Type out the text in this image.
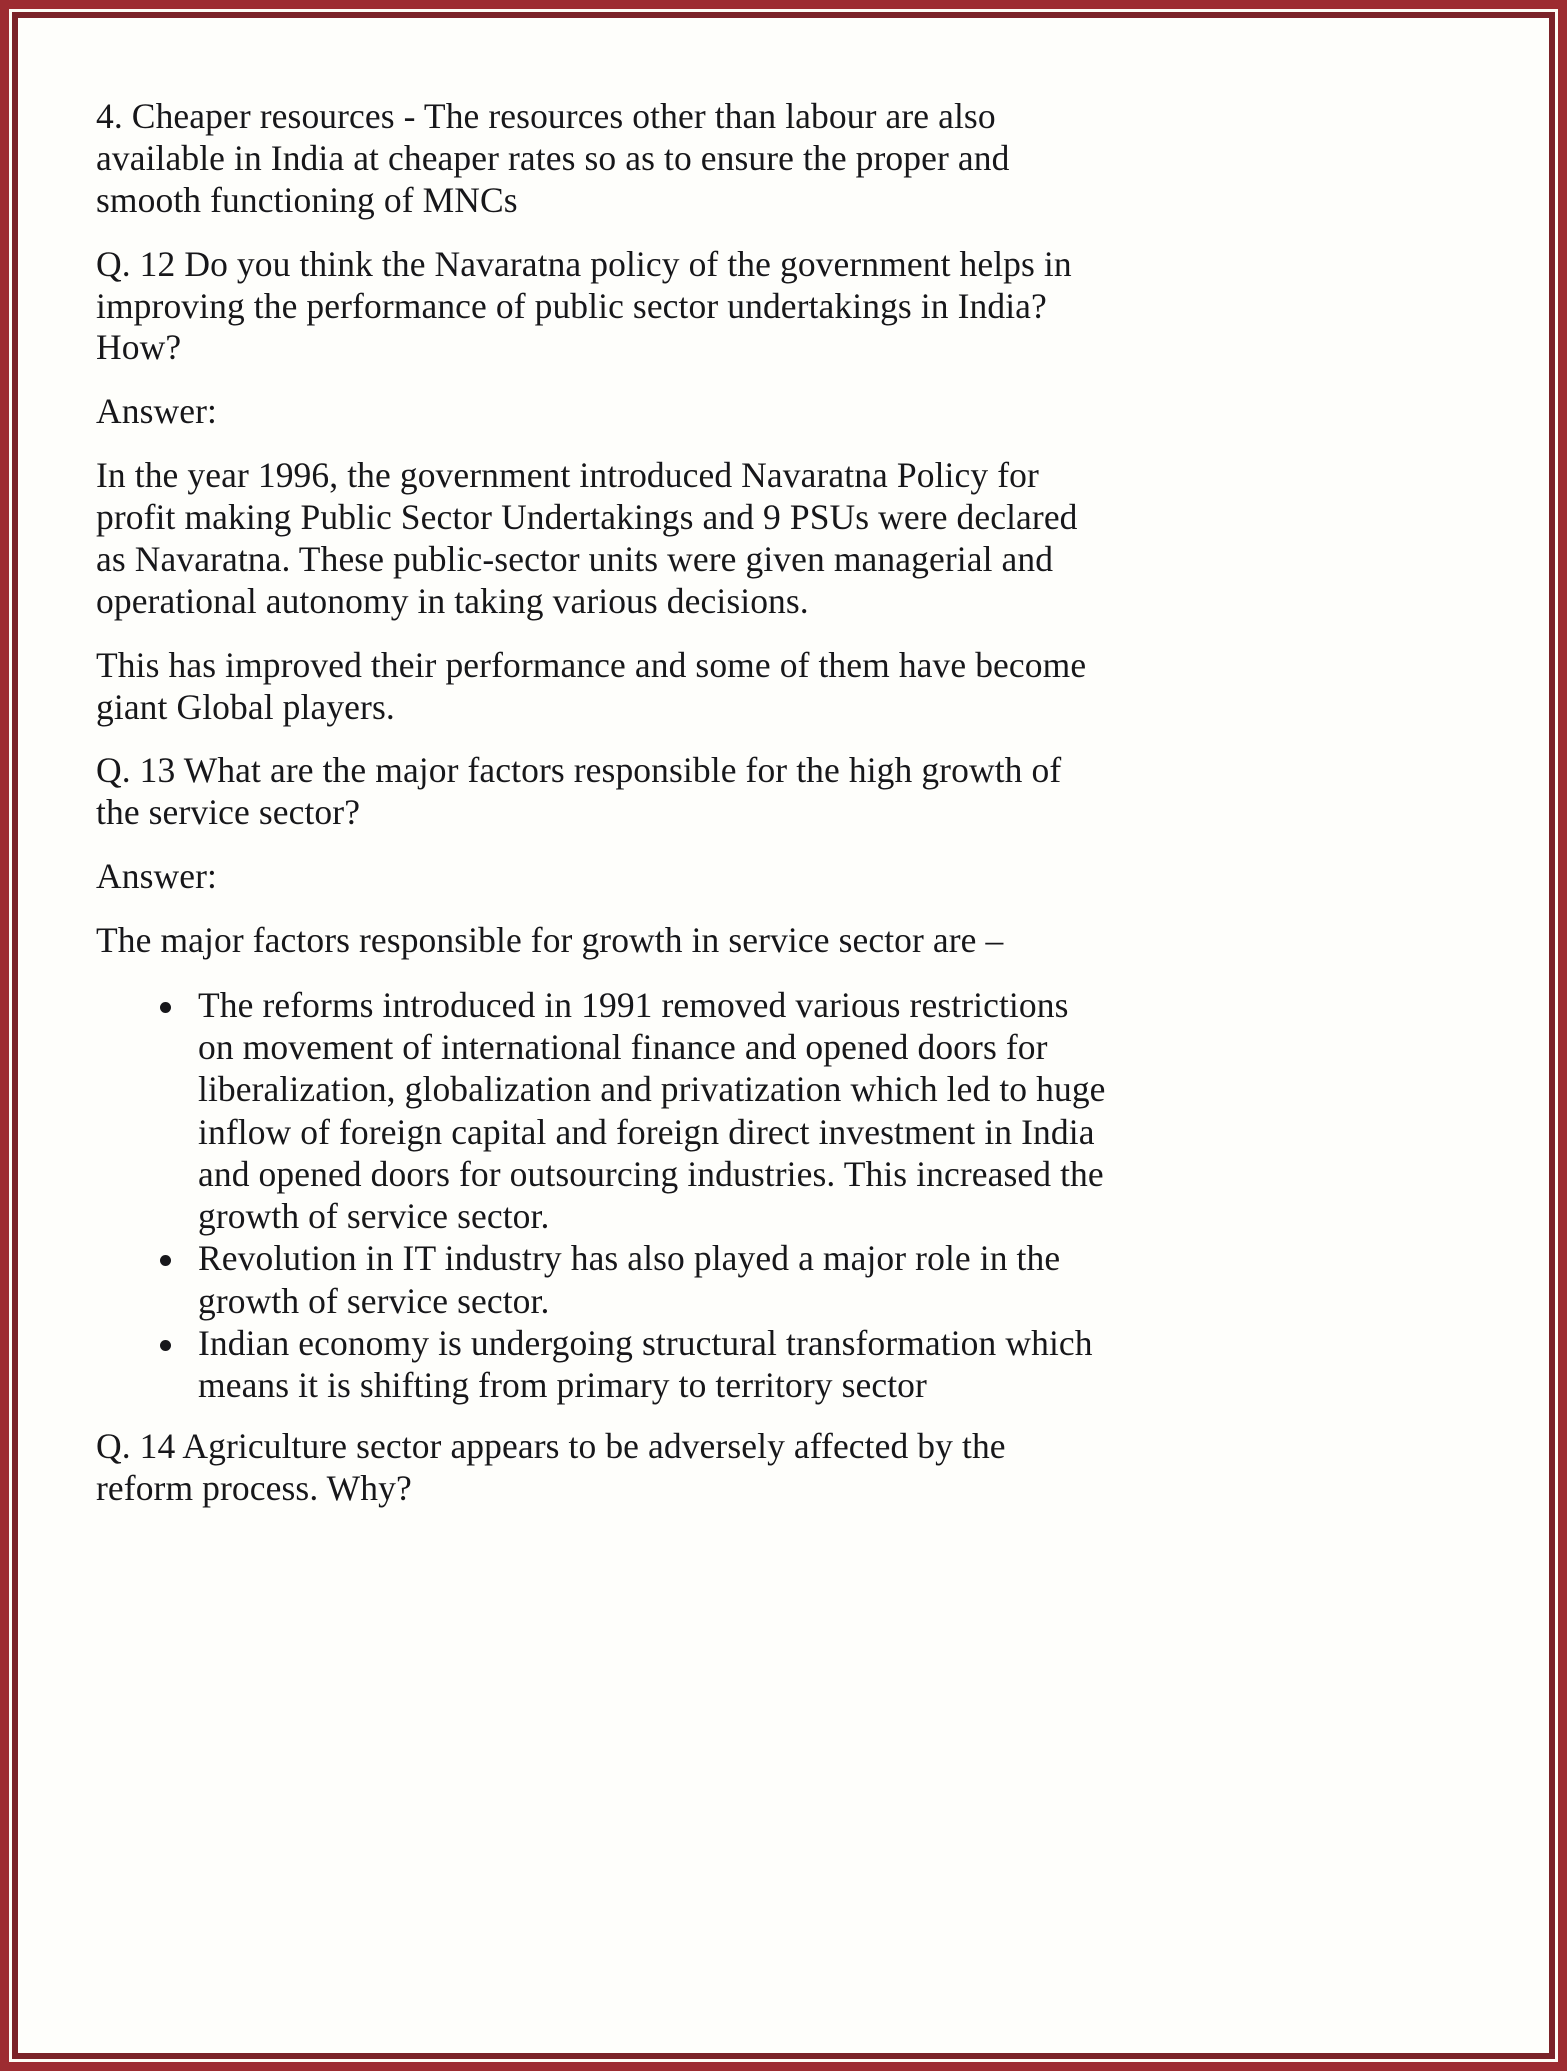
4. Cheaper resources - The resources other than labour are also available in India at cheaper rates so as to ensure the proper and smooth functioning of MNCs

Q. 12 Do you think the Navaratna policy of the government helps in improving the performance of public sector undertakings in India? How?

Answer:

In the year 1996, the government introduced Navaratna Policy for profit making Public Sector Undertakings and 9 PSUs were declared as Navaratna. These public-sector units were given managerial and operational autonomy in taking various decisions.

This has improved their performance and some of them have become giant Global players.

Q. 13 What are the major factors responsible for the high growth of the service sector?

Answer:

The major factors responsible for growth in service sector are –

The reforms introduced in 1991 removed various restrictions on movement of international finance and opened doors for liberalization, globalization and privatization which led to huge inflow of foreign capital and foreign direct investment in India and opened doors for outsourcing industries. This increased the growth of service sector.
Revolution in IT industry has also played a major role in the growth of service sector.
Indian economy is undergoing structural transformation which means it is shifting from primary to territory sector

Q. 14 Agriculture sector appears to be adversely affected by the reform process. Why?
